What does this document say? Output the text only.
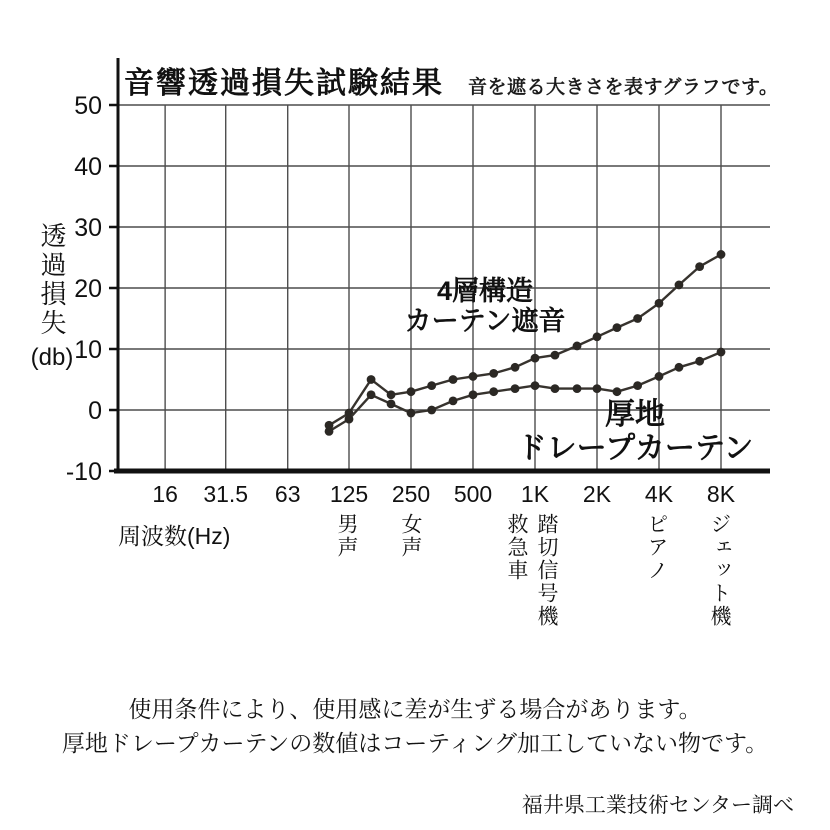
50
40
30
20
10
0
-10
16 31.5 63 125 250 500 1K 2K 4K 8K
音響透過損失試験結果 音を遮る大きさを表すグラフです。
透過損失
(db)
周波数(Hz)	男声 女声	救急車 踏切信号機	ピアノ ジェット機
4層構造
カーテン遮音
厚地
ドレープカーテン
使用条件により、使用感に差が生ずる場合があります。
厚地ドレープカーテンの数値はコーティング加工していない物です。
福井県工業技術センター調べ
